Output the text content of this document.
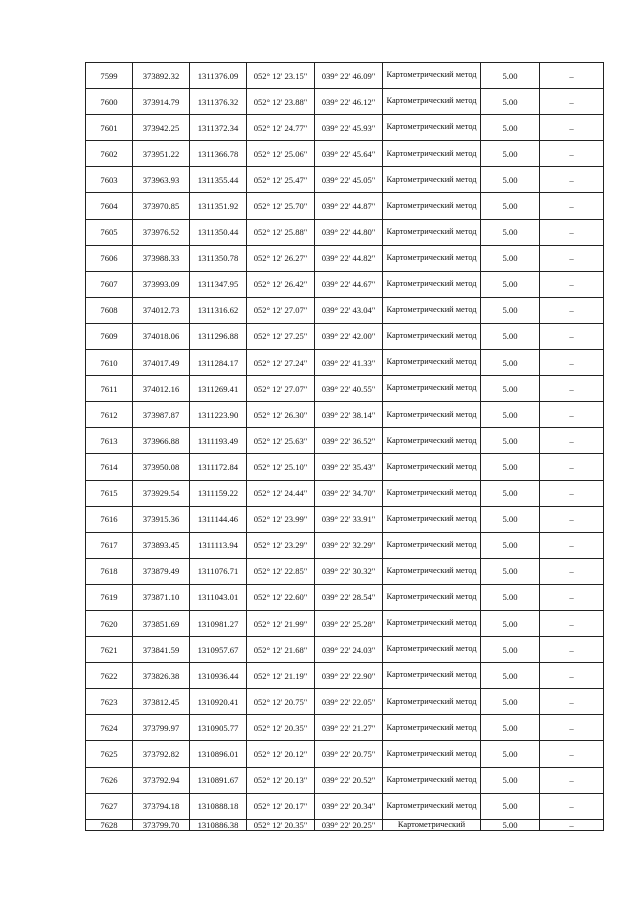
7599	373892.32	1311376.09	052° 12' 23.15"	039° 22' 46.09"	Картометрический метод	5.00	–
7600	373914.79	1311376.32	052° 12' 23.88"	039° 22' 46.12"	Картометрический метод	5.00	–
7601	373942.25	1311372.34	052° 12' 24.77"	039° 22' 45.93"	Картометрический метод	5.00	–
7602	373951.22	1311366.78	052° 12' 25.06"	039° 22' 45.64"	Картометрический метод	5.00	–
7603	373963.93	1311355.44	052° 12' 25.47"	039° 22' 45.05"	Картометрический метод	5.00	–
7604	373970.85	1311351.92	052° 12' 25.70"	039° 22' 44.87"	Картометрический метод	5.00	–
7605	373976.52	1311350.44	052° 12' 25.88"	039° 22' 44.80"	Картометрический метод	5.00	–
7606	373988.33	1311350.78	052° 12' 26.27"	039° 22' 44.82"	Картометрический метод	5.00	–
7607	373993.09	1311347.95	052° 12' 26.42"	039° 22' 44.67"	Картометрический метод	5.00	–
7608	374012.73	1311316.62	052° 12' 27.07"	039° 22' 43.04"	Картометрический метод	5.00	–
7609	374018.06	1311296.88	052° 12' 27.25"	039° 22' 42.00"	Картометрический метод	5.00	–
7610	374017.49	1311284.17	052° 12' 27.24"	039° 22' 41.33"	Картометрический метод	5.00	–
7611	374012.16	1311269.41	052° 12' 27.07"	039° 22' 40.55"	Картометрический метод	5.00	–
7612	373987.87	1311223.90	052° 12' 26.30"	039° 22' 38.14"	Картометрический метод	5.00	–
7613	373966.88	1311193.49	052° 12' 25.63"	039° 22' 36.52"	Картометрический метод	5.00	–
7614	373950.08	1311172.84	052° 12' 25.10"	039° 22' 35.43"	Картометрический метод	5.00	–
7615	373929.54	1311159.22	052° 12' 24.44"	039° 22' 34.70"	Картометрический метод	5.00	–
7616	373915.36	1311144.46	052° 12' 23.99"	039° 22' 33.91"	Картометрический метод	5.00	–
7617	373893.45	1311113.94	052° 12' 23.29"	039° 22' 32.29"	Картометрический метод	5.00	–
7618	373879.49	1311076.71	052° 12' 22.85"	039° 22' 30.32"	Картометрический метод	5.00	–
7619	373871.10	1311043.01	052° 12' 22.60"	039° 22' 28.54"	Картометрический метод	5.00	–
7620	373851.69	1310981.27	052° 12' 21.99"	039° 22' 25.28"	Картометрический метод	5.00	–
7621	373841.59	1310957.67	052° 12' 21.68"	039° 22' 24.03"	Картометрический метод	5.00	–
7622	373826.38	1310936.44	052° 12' 21.19"	039° 22' 22.90"	Картометрический метод	5.00	–
7623	373812.45	1310920.41	052° 12' 20.75"	039° 22' 22.05"	Картометрический метод	5.00	–
7624	373799.97	1310905.77	052° 12' 20.35"	039° 22' 21.27"	Картометрический метод	5.00	–
7625	373792.82	1310896.01	052° 12' 20.12"	039° 22' 20.75"	Картометрический метод	5.00	–
7626	373792.94	1310891.67	052° 12' 20.13"	039° 22' 20.52"	Картометрический метод	5.00	–
7627	373794.18	1310888.18	052° 12' 20.17"	039° 22' 20.34"	Картометрический метод	5.00	–
7628	373799.70	1310886.38	052° 12' 20.35"	039° 22' 20.25"	Картометрический	5.00	–
